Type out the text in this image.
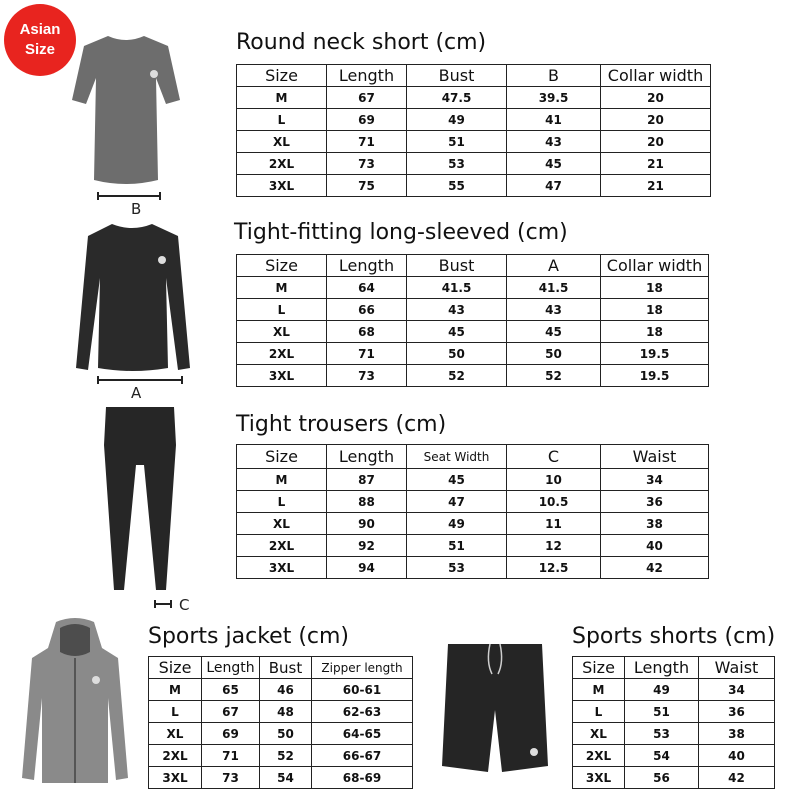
Asian
Size
B
A
C
Round neck short (cm)
Size	Length	Bust	B	Collar width
M	67	47.5	39.5	20
L	69	49	41	20
XL	71	51	43	20
2XL	73	53	45	21
3XL	75	55	47	21
Tight-fitting long-sleeved (cm)
Size	Length	Bust	A	Collar width
M	64	41.5	41.5	18
L	66	43	43	18
XL	68	45	45	18
2XL	71	50	50	19.5
3XL	73	52	52	19.5
Tight trousers (cm)
Size	Length	Seat Width	C	Waist
M	87	45	10	34
L	88	47	10.5	36
XL	90	49	11	38
2XL	92	51	12	40
3XL	94	53	12.5	42
Sports jacket (cm)
Size	Length	Bust	Zipper length
M	65	46	60-61
L	67	48	62-63
XL	69	50	64-65
2XL	71	52	66-67
3XL	73	54	68-69
Sports shorts (cm)
Size	Length	Waist
M	49	34
L	51	36
XL	53	38
2XL	54	40
3XL	56	42
